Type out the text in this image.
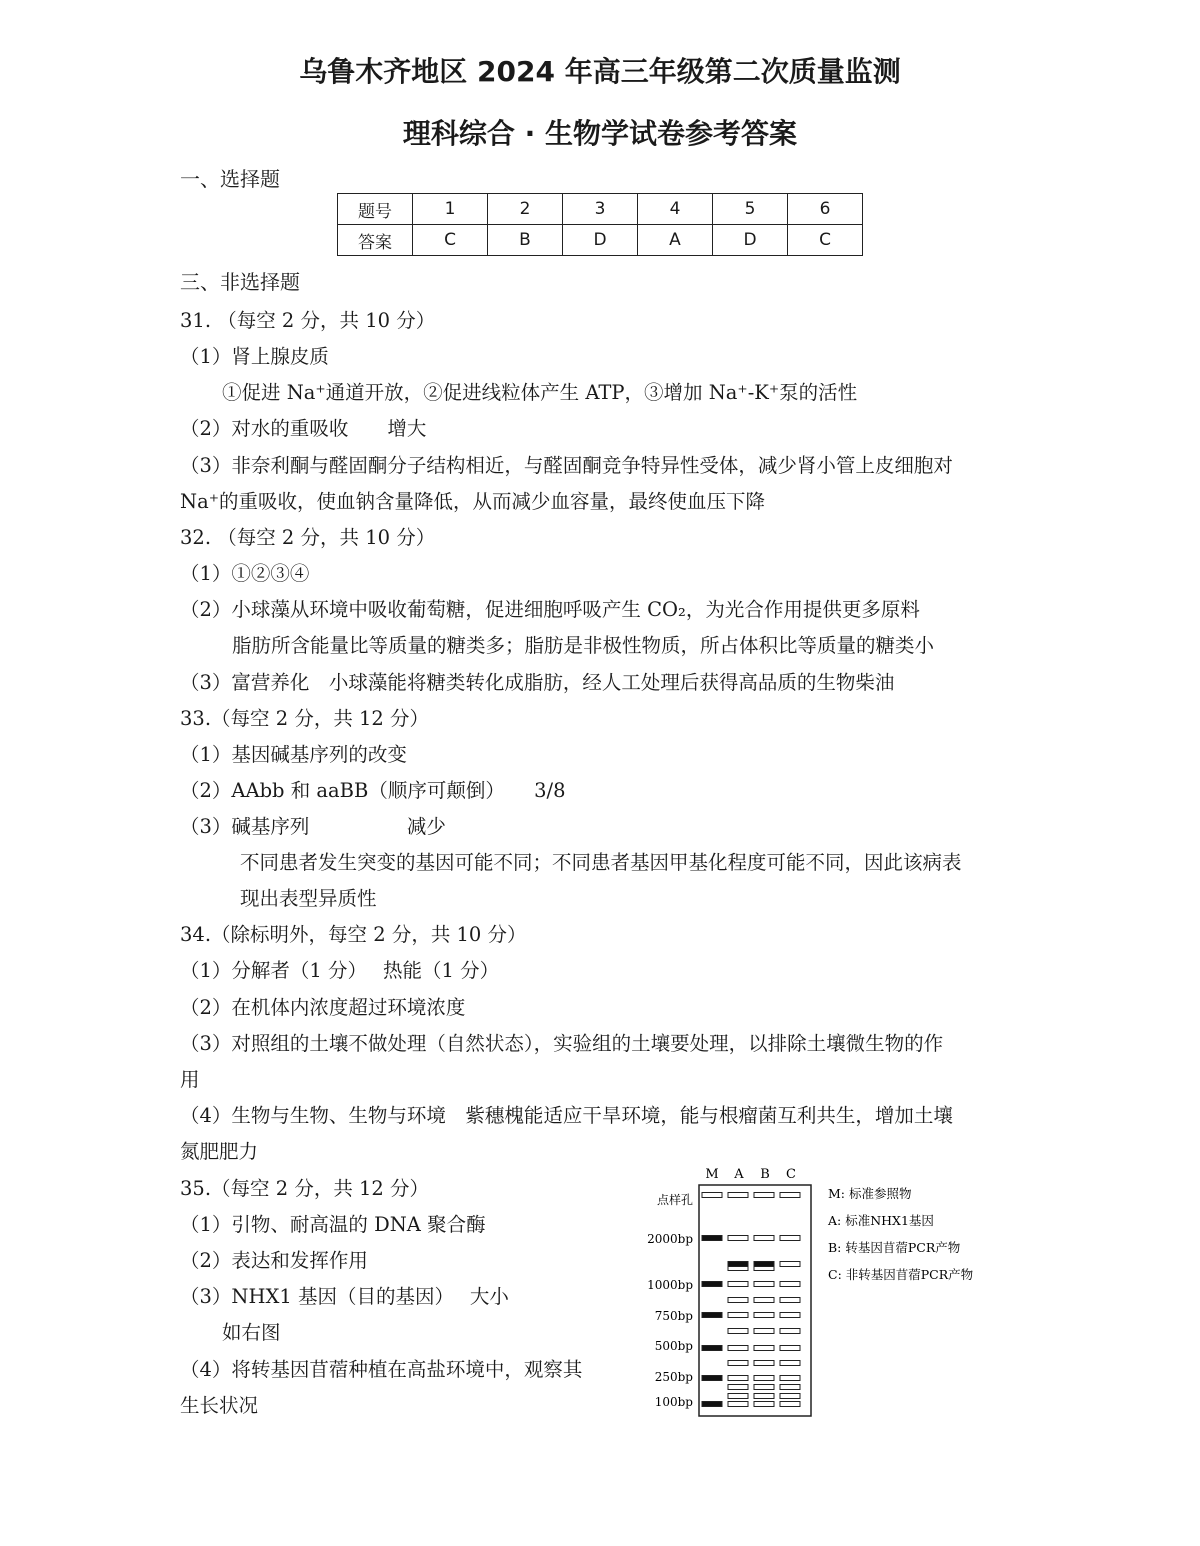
乌鲁木齐地区 2024 年高三年级第二次质量监测
理科综合 · 生物学试卷参考答案
一、选择题
题号	1	2	3	4	5	6
答案	C	B	D	A	D	C
三、非选择题
31. （每空 2 分，共 10 分）
（1）肾上腺皮质
①促进 Na⁺通道开放，②促进线粒体产生 ATP，③增加 Na⁺-K⁺泵的活性
（2）对水的重吸收　　增大
（3）非奈利酮与醛固酮分子结构相近，与醛固酮竞争特异性受体，减少肾小管上皮细胞对
Na⁺的重吸收，使血钠含量降低，从而减少血容量，最终使血压下降
32. （每空 2 分，共 10 分）
（1）①②③④
（2）小球藻从环境中吸收葡萄糖，促进细胞呼吸产生 CO₂，为光合作用提供更多原料
脂肪所含能量比等质量的糖类多；脂肪是非极性物质，所占体积比等质量的糖类小
（3）富营养化　小球藻能将糖类转化成脂肪，经人工处理后获得高品质的生物柴油
33.（每空 2 分，共 12 分）
（1）基因碱基序列的改变
（2）AAbb 和 aaBB（顺序可颠倒）　　3/8
（3）碱基序列　　　　　减少
不同患者发生突变的基因可能不同；不同患者基因甲基化程度可能不同，因此该病表
现出表型异质性
34.（除标明外，每空 2 分，共 10 分）
（1）分解者（1 分）　 热能（1 分）
（2）在机体内浓度超过环境浓度
（3）对照组的土壤不做处理（自然状态），实验组的土壤要处理，以排除土壤微生物的作
用
（4）生物与生物、生物与环境　紫穗槐能适应干旱环境，能与根瘤菌互利共生，增加土壤
氮肥肥力
35.（每空 2 分，共 12 分）
（1）引物、耐高温的 DNA 聚合酶
（2）表达和发挥作用
（3）NHX1 基因（目的基因）　 大小
如右图
（4）将转基因苜蓿种植在高盐环境中，观察其
生长状况
M A B C
点样孔
2000bp
1000bp
750bp
500bp
250bp
100bp
M: 标准参照物
A: 标准NHX1基因
B: 转基因苜蓿PCR产物
C: 非转基因苜蓿PCR产物
